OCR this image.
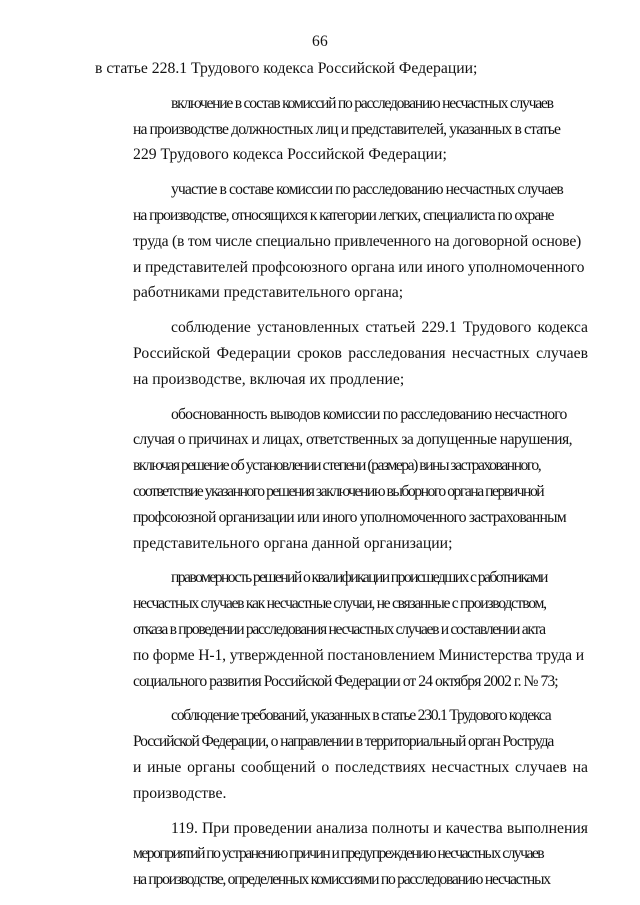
66

в статье 228.1 Трудового кодекса Российской Федерации;

включение в состав комиссий по расследованию несчастных случаев
на производстве должностных лиц и представителей, указанных в статье
229 Трудового кодекса Российской Федерации;

участие в составе комиссии по расследованию несчастных случаев
на производстве, относящихся к категории легких, специалиста по охране
труда (в том числе специально привлеченного на договорной основе)
и представителей профсоюзного органа или иного уполномоченного
работниками представительного органа;

соблюдение установленных статьей 229.1 Трудового кодекса
Российской Федерации сроков расследования несчастных случаев
на производстве, включая их продление;

обоснованность выводов комиссии по расследованию несчастного
случая о причинах и лицах, ответственных за допущенные нарушения,
включая решение об установлении степени (размера) вины застрахованного,
соответствие указанного решения заключению выборного органа первичной
профсоюзной организации или иного уполномоченного застрахованным
представительного органа данной организации;

правомерность решений о квалификации происшедших с работниками
несчастных случаев как несчастные случаи, не связанные с производством,
отказа в проведении расследования несчастных случаев и составлении акта
по форме Н-1, утвержденной постановлением Министерства труда и
социального развития Российской Федерации от 24 октября 2002 г. № 73;

соблюдение требований, указанных в статье 230.1 Трудового кодекса
Российской Федерации, о направлении в территориальный орган Роструда
и иные органы сообщений о последствиях несчастных случаев на
производстве.

119. При проведении анализа полноты и качества выполнения
мероприятий по устранению причин и предупреждению несчастных случаев
на производстве, определенных комиссиями по расследованию несчастных
